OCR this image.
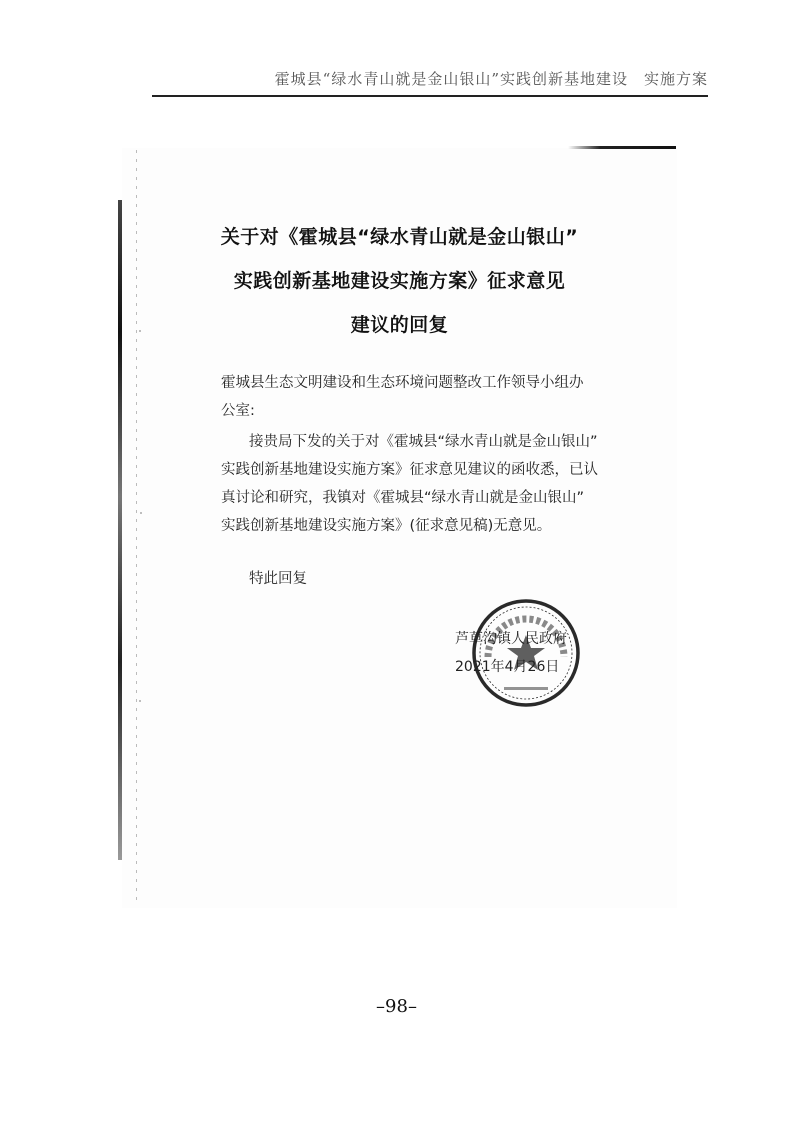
霍城县“绿水青山就是金山银山”实践创新基地建设　实施方案
关于对《霍城县“绿水青山就是金山银山”
实践创新基地建设实施方案》征求意见
建议的回复
霍城县生态文明建设和生态环境问题整改工作领导小组办
公室:
接贵局下发的关于对《霍城县“绿水青山就是金山银山”
实践创新基地建设实施方案》征求意见建议的函收悉，已认
真讨论和研究，我镇对《霍城县“绿水青山就是金山银山”
实践创新基地建设实施方案》(征求意见稿)无意见。
特此回复
芦草沟镇人民政府
2021年4月26日
–98–
